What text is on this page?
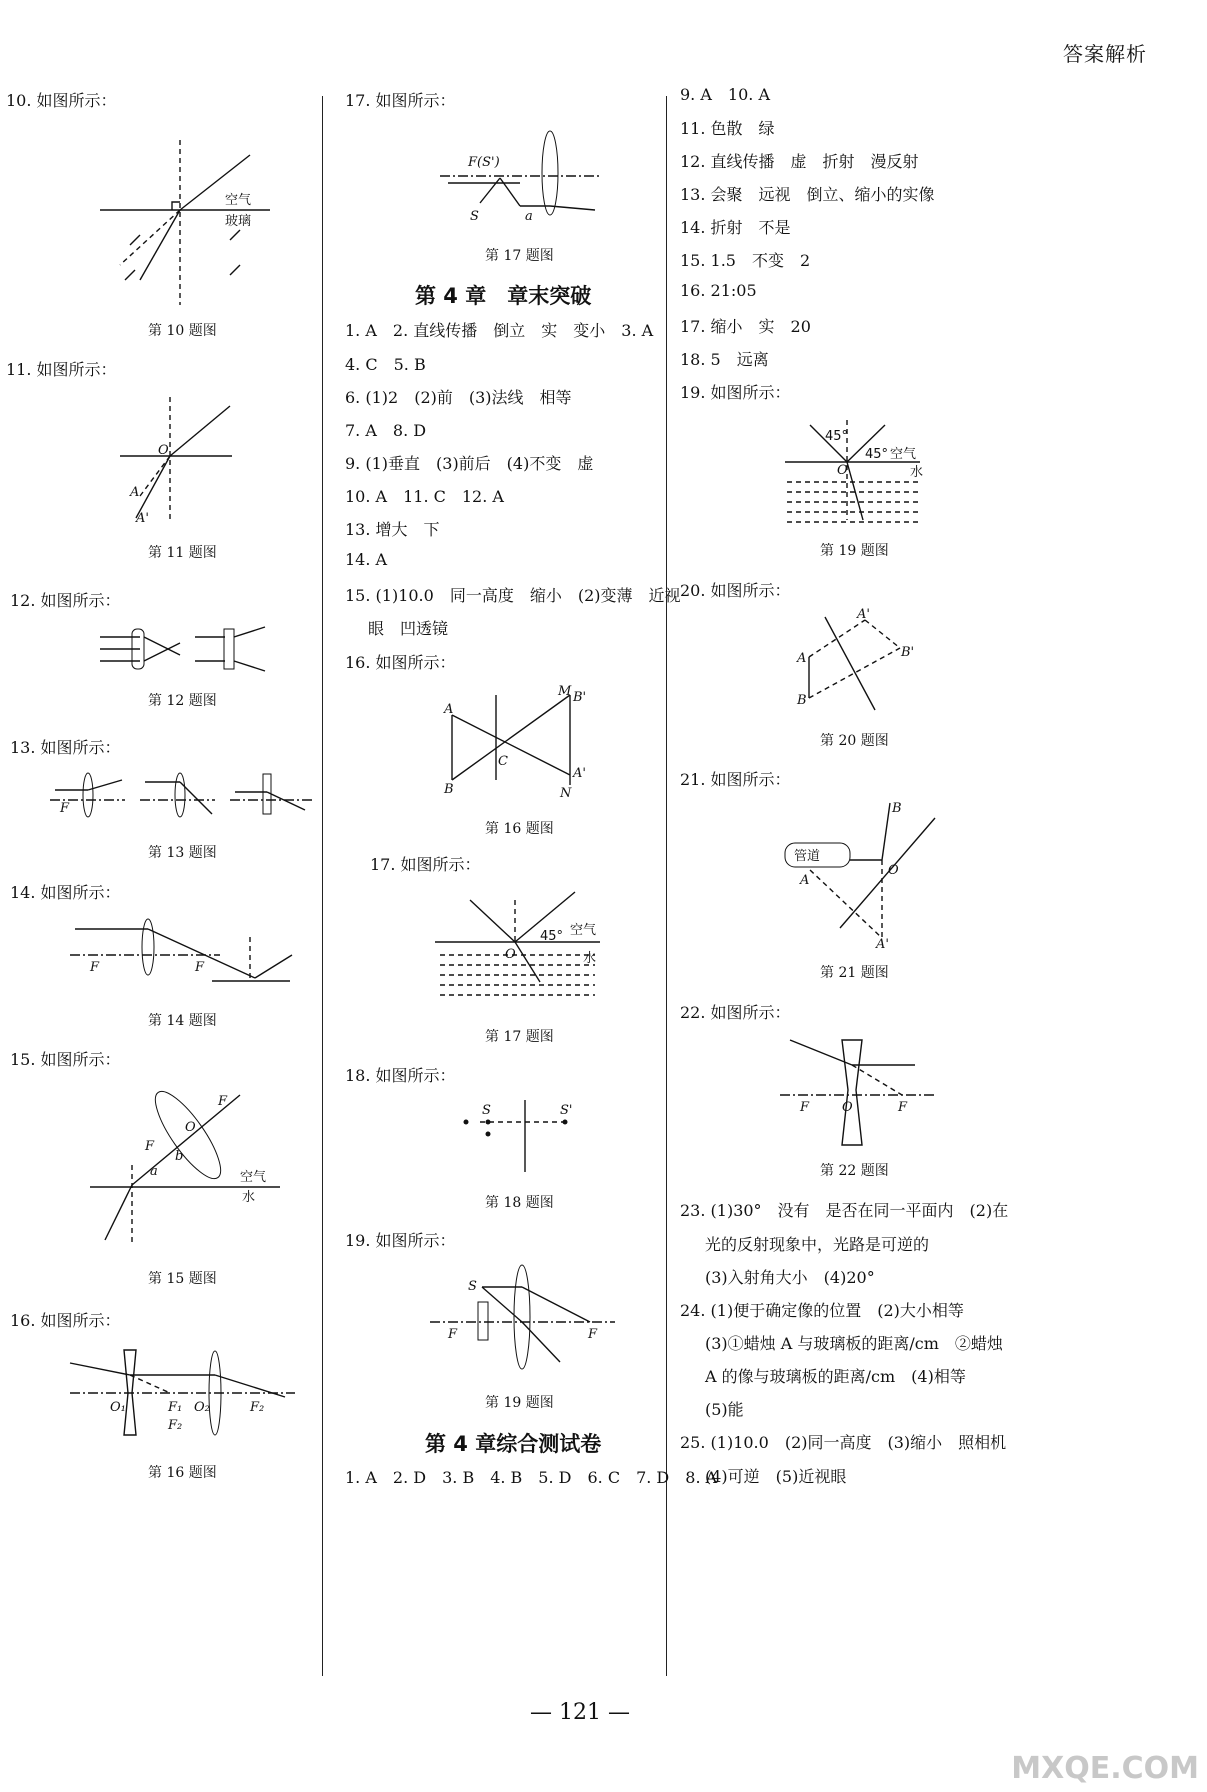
答案解析
10. 如图所示：
空气
玻璃
第 10 题图
11. 如图所示：
O
A
A'
第 11 题图
12. 如图所示：
第 12 题图
13. 如图所示：
F
第 13 题图
14. 如图所示：
F	F
第 14 题图
15. 如图所示：
F
O
F
a
b
空气
水
第 15 题图
16. 如图所示：
O₁	F₁
F₂
O₂	F₂
第 16 题图
17. 如图所示：
F(S')
S	a
第 17 题图
第 4 章　章末突破
1. A　2. 直线传播　倒立　实　变小　3. A
4. C　5. B
6. (1)2　(2)前　(3)法线　相等
7. A　8. D
9. (1)垂直　(3)前后　(4)不变　虚
10. A　11. C　12. A
13. 增大　下
14. A
15. (1)10.0　同一高度　缩小　(2)变薄　近视
眼　凹透镜
16. 如图所示：
A
B
C
M B'
A'
N
第 16 题图
17. 如图所示：
45° 空气
O	水
第 17 题图
18. 如图所示：
S	S'
第 18 题图
19. 如图所示：
S
F	F
第 19 题图
第 4 章综合测试卷
1. A　2. D　3. B　4. B　5. D　6. C　7. D　8. A
9. A　10. A
11. 色散　绿
12. 直线传播　虚　折射　漫反射
13. 会聚　远视　倒立、缩小的实像
14. 折射　不是
15. 1.5　不变　2
16. 21:05
17. 缩小　实　20
18. 5　远离
19. 如图所示：
45°
45° 空气
O	水
第 19 题图
20. 如图所示：
A
B
A'
B'
第 20 题图
21. 如图所示：
管道
B
O
A
A'
第 21 题图
22. 如图所示：
F	O	F
第 22 题图
23. (1)30°　没有　是否在同一平面内　(2)在
光的反射现象中，光路是可逆的
(3)入射角大小　(4)20°
24. (1)便于确定像的位置　(2)大小相等
(3)①蜡烛 A 与玻璃板的距离/cm　②蜡烛
A 的像与玻璃板的距离/cm　(4)相等
(5)能
25. (1)10.0　(2)同一高度　(3)缩小　照相机
(4)可逆　(5)近视眼
— 121 —
MXQE.COM
